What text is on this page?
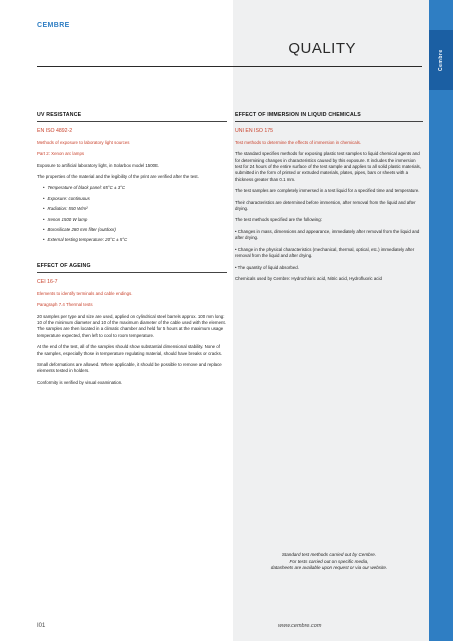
Cembre
CEMBRE
QUALITY
UV RESISTANCE
EN ISO 4892-2
Methods of exposure to laboratory light sources
Part 2: Xenon arc lamps
Exposure to artificial laboratory light, in Solarbox model 1500E.
The properties of the material and the legibility of the print are verified after the test.
• Temperature of black panel: 65°C ± 3°C
• Exposure: continuous
• Radiation: 550 W/m²
• Xenon 1500 W lamp
• Borosilicate 280 mm filter (outdoor)
• External testing temperature: 20°C ± 5°C
EFFECT OF AGEING
CEI 16-7
Elements to identify terminals and cable endings.
Paragraph 7.4 Thermal tests
20 samples per type and size are used, applied on cylindrical steel barrels approx. 100 mm long: 10 of the minimum diameter and 10 of the maximum diameter of the cable used with the element. The samples are then located in a climatic chamber and held for 5 hours at the maximum usage temperature expected, then left to cool to room temperature.
At the end of the test, all of the samples should show substantial dimensional stability. None of the samples, especially those in temperature regulating material, should have breaks or cracks.
Small deformations are allowed. Where applicable, it should be possible to remove and replace elements tested in holders.
Conformity is verified by visual examination.
EFFECT OF IMMERSION IN LIQUID CHEMICALS
UNI EN ISO 175
Test methods to determine the effects of immersion in chemicals.
The standard specifies methods for exposing plastic test samples to liquid chemical agents and for determining changes in characteristics caused by this exposure. It includes the immersion test for 24 hours of the entire surface of the test sample and applies to all solid plastic materials, submitted in the form of printed or extruded materials, plates, pipes, bars or sheets with a thickness greater than 0.1 mm.
The test samples are completely immersed in a test liquid for a specified time and temperature.
Their characteristics are determined before immersion, after removal from the liquid and after drying.
The test methods specified are the following:
• Changes in mass, dimensions and appearance, immediately after removal from the liquid and after drying.
• Change in the physical characteristics (mechanical, thermal, optical, etc.) immediately after removal from the liquid and after drying.
• The quantity of liquid absorbed.
Chemicals used by Cembre: Hydrochloric acid, Nitric acid, Hydrofluoric acid
Standard test methods carried out by Cembre.
For tests carried out on specific media,
datasheets are available upon request or via our website.
I01	www.cembre.com
